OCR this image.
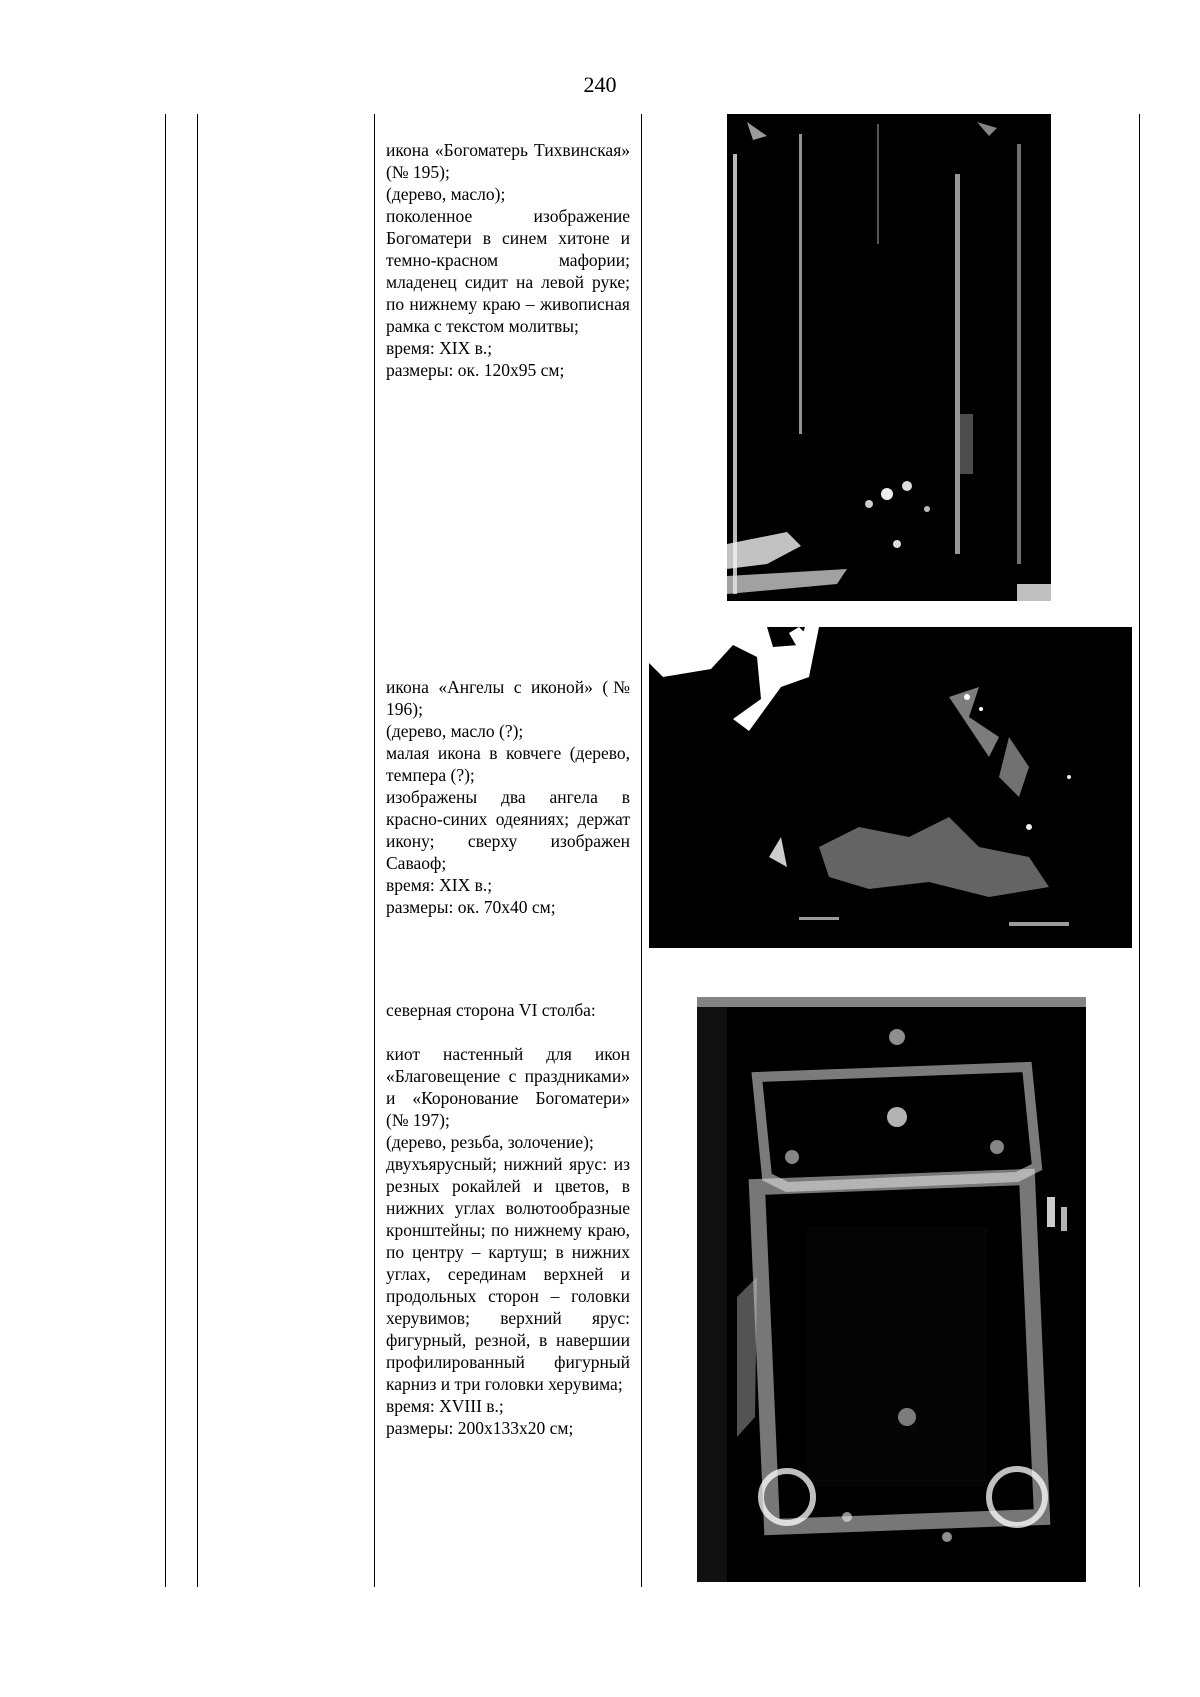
240

икона «Богоматерь Тихвинская» (№ 195);

(дерево, масло);

поколенное изображение Богоматери в синем хитоне и темно-красном мафории; младенец сидит на левой руке; по нижнему краю – живописная рамка с текстом молитвы;

время: XIX в.;

размеры: ок. 120х95 см;

икона «Ангелы с иконой» (№ 196);

(дерево, масло (?);

малая икона в ковчеге (дерево, темпера (?);

изображены два ангела в красно-синих одеяниях; держат икону; сверху изображен Саваоф;

время: XIX в.;

размеры: ок. 70х40 см;

северная сторона VI столба:

киот настенный для икон «Благовещение с праздниками» и «Коронование Богоматери» (№ 197);

(дерево, резьба, золочение);

двухъярусный; нижний ярус: из резных рокайлей и цветов, в нижних углах волютообразные кронштейны; по нижнему краю, по центру – картуш; в нижних углах, серединам верхней и продольных сторон – головки херувимов; верхний ярус: фигурный, резной, в навершии профилированный фигурный карниз и три головки херувима;

время: XVIII в.;

размеры: 200х133х20 см;
